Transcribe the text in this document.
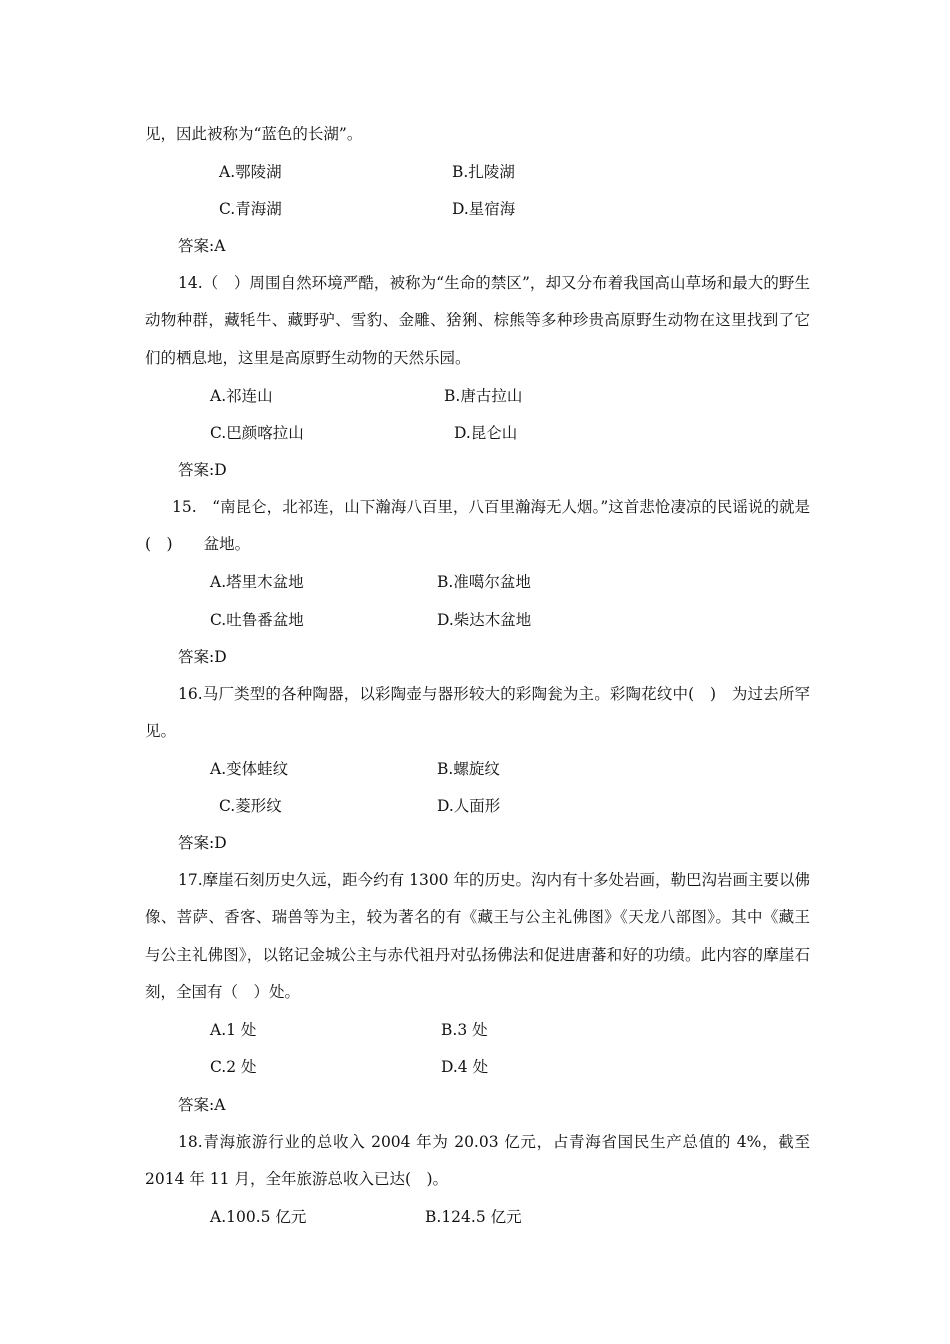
见，因此被称为“蓝色的长湖”。
A.鄂陵湖	B.扎陵湖
C.青海湖	D.星宿海
答案:A
14.（　）周围自然环境严酷，被称为“生命的禁区”，却又分布着我国高山草场和最大的野生动物种群，藏牦牛、藏野驴、雪豹、金雕、猞猁、棕熊等多种珍贵高原野生动物在这里找到了它们的栖息地，这里是高原野生动物的天然乐园。
A.祁连山	B.唐古拉山
C.巴颜喀拉山	D.昆仑山
答案:D
15.　“南昆仑，北祁连，山下瀚海八百里，八百里瀚海无人烟。”这首悲怆凄凉的民谣说的就是(　)　　盆地。
A.塔里木盆地	B.准噶尔盆地
C.吐鲁番盆地	D.柴达木盆地
答案:D
16.马厂类型的各种陶器，以彩陶壶与器形较大的彩陶瓮为主。彩陶花纹中(　)　为过去所罕见。
A.变体蛙纹	B.螺旋纹
C.菱形纹	D.人面形
答案:D
17.摩崖石刻历史久远，距今约有 1300 年的历史。沟内有十多处岩画，勒巴沟岩画主要以佛像、菩萨、香客、瑞兽等为主，较为著名的有《藏王与公主礼佛图》《天龙八部图》。其中《藏王与公主礼佛图》，以铭记金城公主与赤代祖丹对弘扬佛法和促进唐蕃和好的功绩。此内容的摩崖石刻，全国有（　）处。
A.1 处	B.3 处
C.2 处	D.4 处
答案:A
18.青海旅游行业的总收入 2004 年为 20.03 亿元，占青海省国民生产总值的 4%，截至 2014 年 11 月，全年旅游总收入已达(　)。
A.100.5 亿元	B.124.5 亿元
